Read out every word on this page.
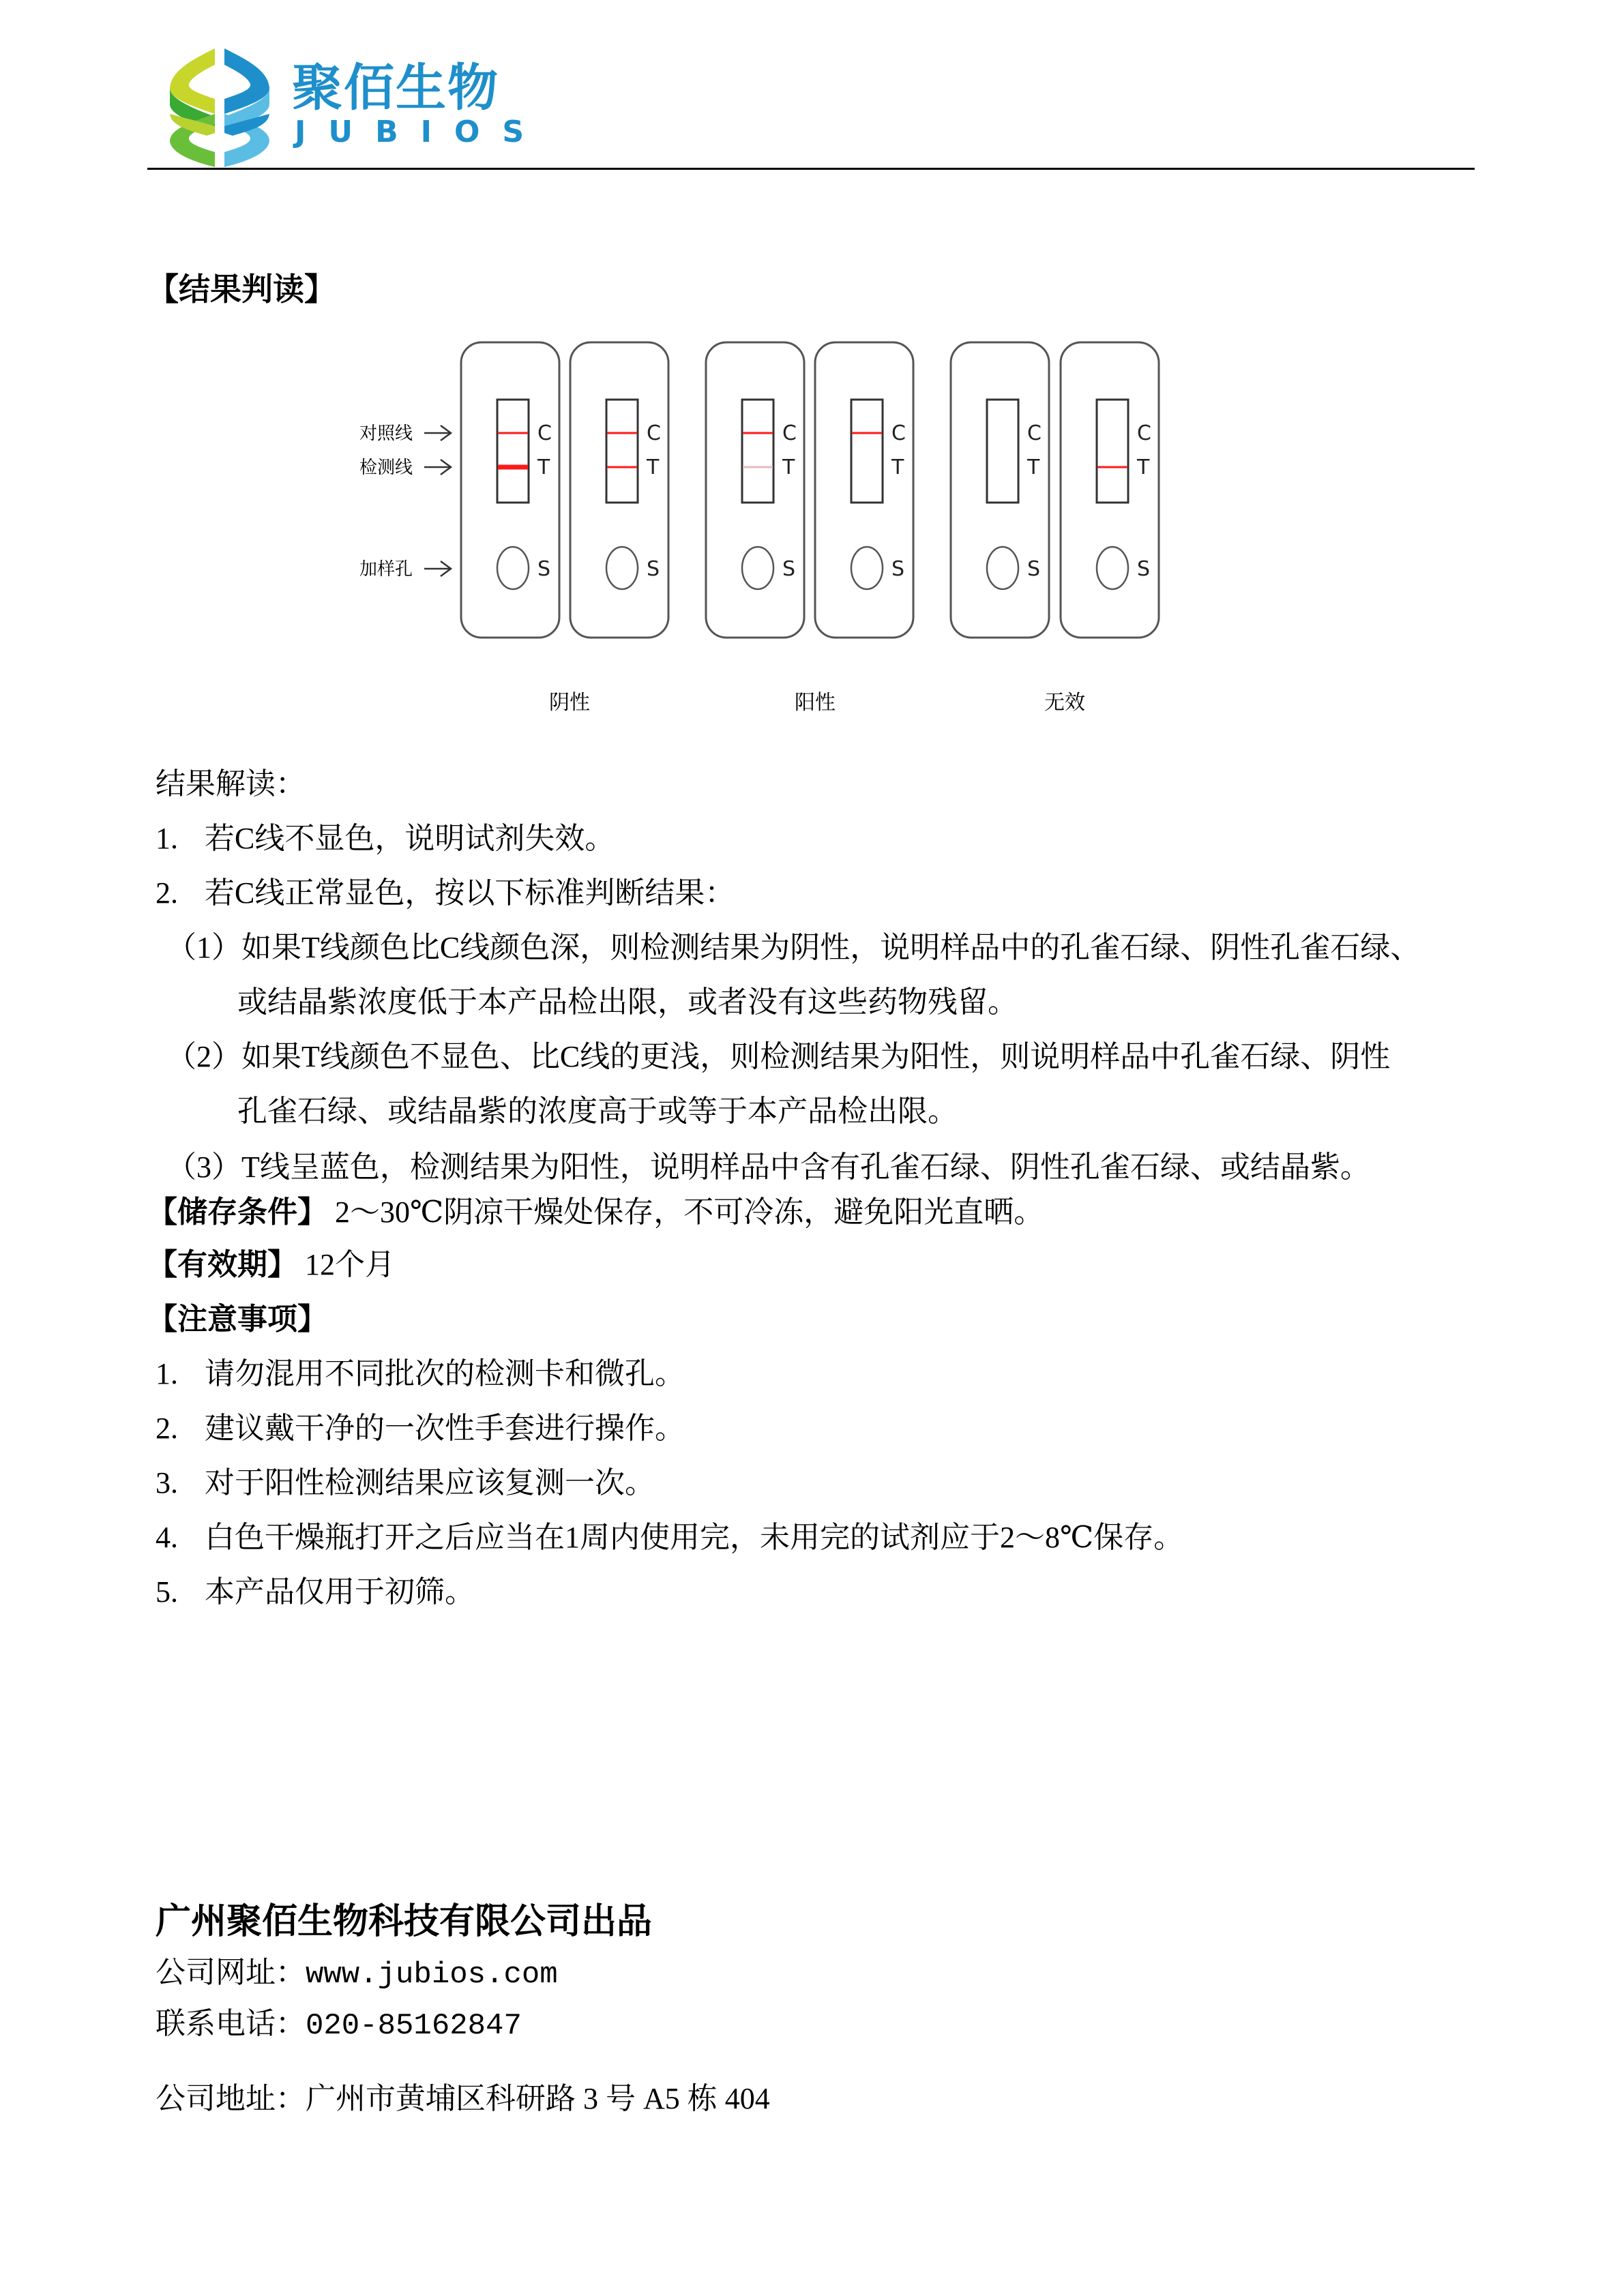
聚佰生物
JUBIOS
【结果判读】
对照线
检测线
加样孔
C
T
S
C
T
S
C
T
S
C
T
S
C
T
S
C
T
S
阴性	阳性	无效
结果解读：
1. 若C线不显色，说明试剂失效。
2. 若C线正常显色，按以下标准判断结果：
（1）如果T线颜色比C线颜色深，则检测结果为阴性，说明样品中的孔雀石绿、阴性孔雀石绿、
或结晶紫浓度低于本产品检出限，或者没有这些药物残留。
（2）如果T线颜色不显色、比C线的更浅，则检测结果为阳性，则说明样品中孔雀石绿、阴性
孔雀石绿、或结晶紫的浓度高于或等于本产品检出限。
（3）T线呈蓝色，检测结果为阳性，说明样品中含有孔雀石绿、阴性孔雀石绿、或结晶紫。
【储存条件】 2～30℃阴凉干燥处保存，不可冷冻，避免阳光直晒。
【有效期】 12个月
【注意事项】
1. 请勿混用不同批次的检测卡和微孔。
2. 建议戴干净的一次性手套进行操作。
3. 对于阳性检测结果应该复测一次。
4. 白色干燥瓶打开之后应当在1周内使用完，未用完的试剂应于2～8℃保存。
5. 本产品仅用于初筛。
广州聚佰生物科技有限公司出品
公司网址：www.jubios.com
联系电话：020-85162847
公司地址：广州市黄埔区科研路 3 号 A5 栋 404
